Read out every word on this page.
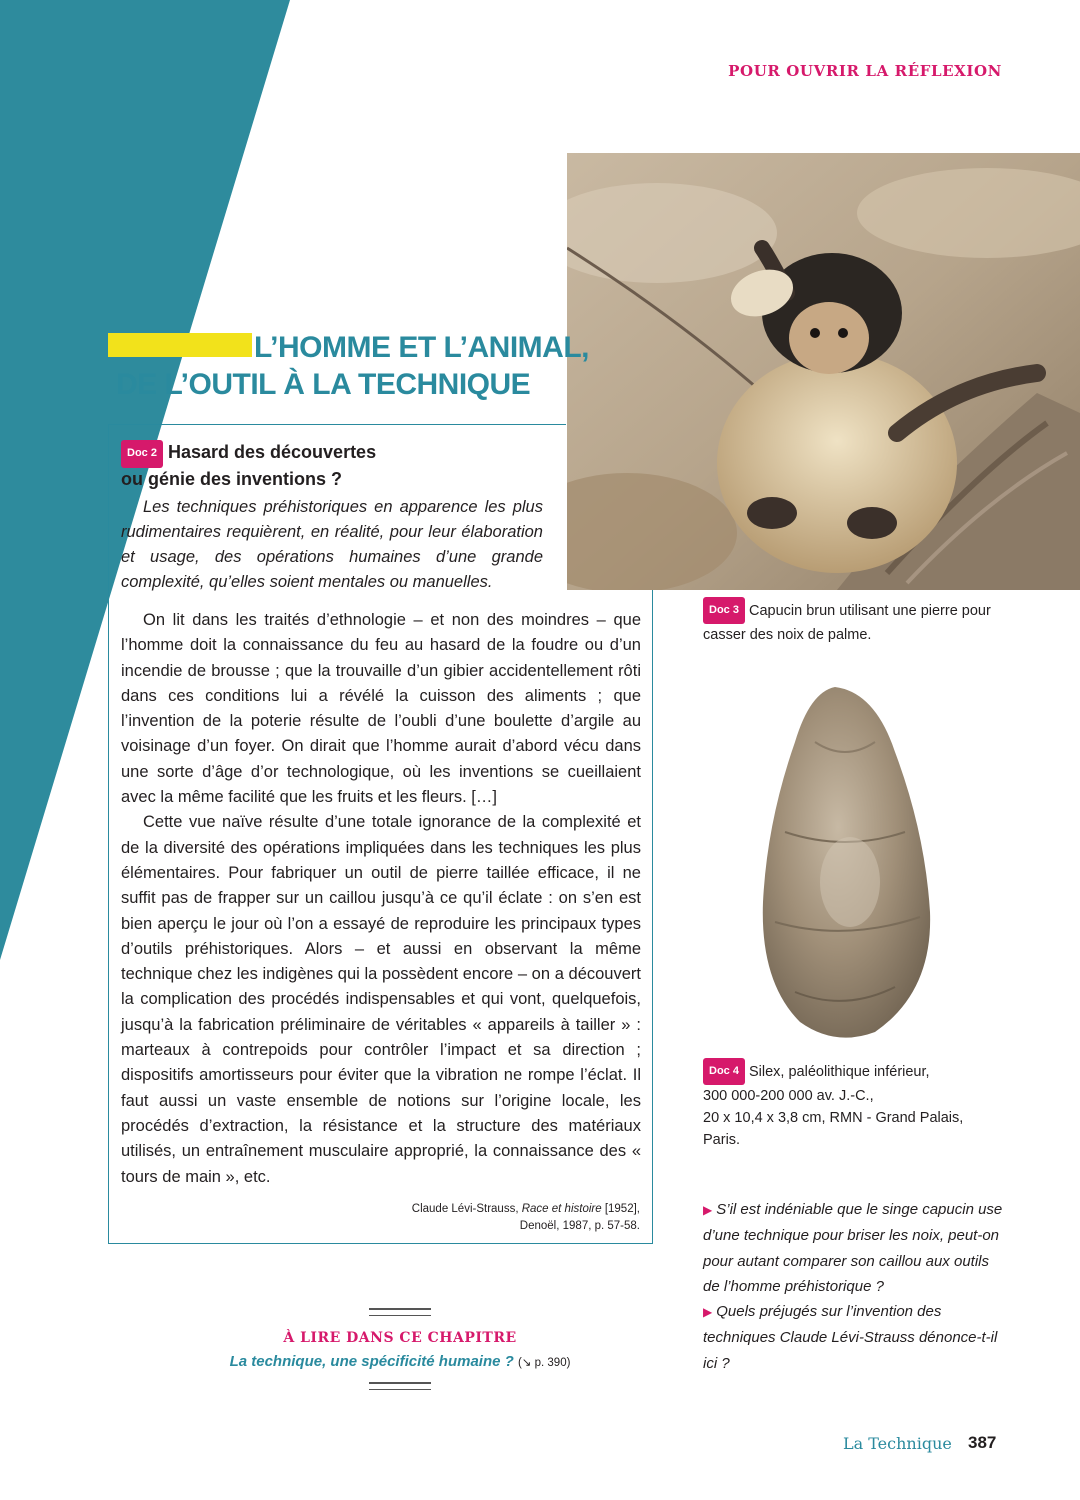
POUR OUVRIR LA RÉFLEXION
L’HOMME ET L’ANIMAL,
DE L’OUTIL À LA TECHNIQUE
Doc 2 Hasard des découvertes
ou génie des inventions ?
Les techniques préhistoriques en apparence les plus rudimentaires requièrent, en réalité, pour leur élaboration et usage, des opérations humaines d’une grande complexité, qu’elles soient mentales ou manuelles.

On lit dans les traités d’ethnologie – et non des moindres – que l’homme doit la connaissance du feu au hasard de la foudre ou d’un incendie de brousse ; que la trouvaille d’un gibier accidentellement rôti dans ces conditions lui a révélé la cuisson des aliments ; que l’invention de la poterie résulte de l’oubli d’une boulette d’argile au voisinage d’un foyer. On dirait que l’homme aurait d’abord vécu dans une sorte d’âge d’or technologique, où les inventions se cueillaient avec la même facilité que les fruits et les fleurs. […]

Cette vue naïve résulte d’une totale ignorance de la complexité et de la diversité des opérations impliquées dans les techniques les plus élémentaires. Pour fabriquer un outil de pierre taillée efficace, il ne suffit pas de frapper sur un caillou jusqu’à ce qu’il éclate : on s’en est bien aperçu le jour où l’on a essayé de reproduire les principaux types d’outils préhistoriques. Alors – et aussi en observant la même technique chez les indigènes qui la possèdent encore – on a découvert la complication des procédés indispensables et qui vont, quelquefois, jusqu’à la fabrication préliminaire de véritables « appareils à tailler » : marteaux à contrepoids pour contrôler l’impact et sa direction ; dispositifs amortisseurs pour éviter que la vibration ne rompe l’éclat. Il faut aussi un vaste ensemble de notions sur l’origine locale, les procédés d’extraction, la résistance et la structure des matériaux utilisés, un entraînement musculaire approprié, la connaissance des « tours de main », etc.

Claude Lévi-Strauss, Race et histoire [1952],
Denoël, 1987, p. 57-58.
Doc 3 Capucin brun utilisant une pierre pour casser des noix de palme.
Doc 4 Silex, paléolithique inférieur,
300 000-200 000 av. J.-C.,
20 x 10,4 x 3,8 cm, RMN - Grand Palais,
Paris.
▶ S’il est indéniable que le singe capucin use d’une technique pour briser les noix, peut-on pour autant comparer son caillou aux outils de l’homme préhistorique ?
▶ Quels préjugés sur l’invention des techniques Claude Lévi-Strauss dénonce-t-il ici ?
À LIRE DANS CE CHAPITRE
La technique, une spécificité humaine ? (↘ p. 390)
La Technique 387
